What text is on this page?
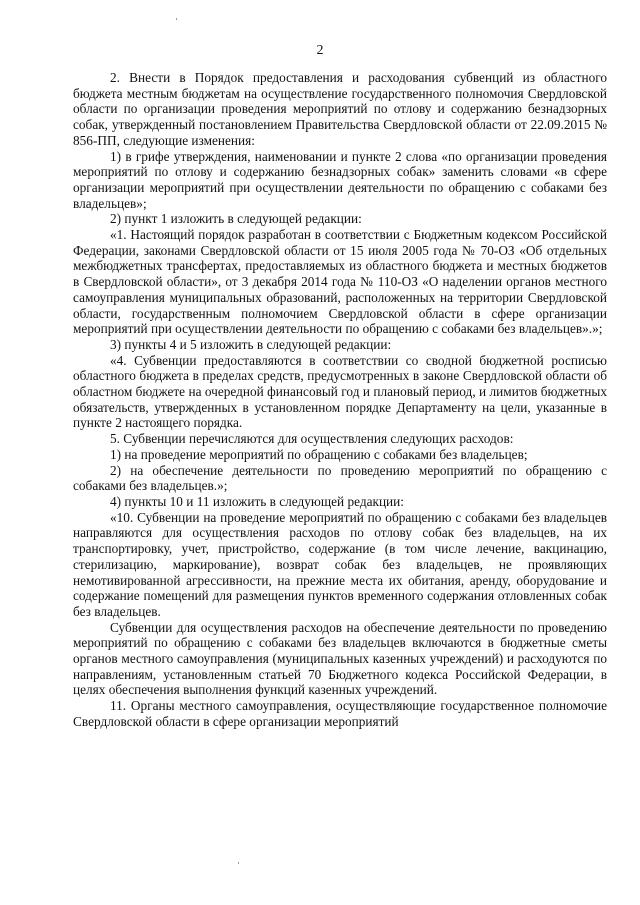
2

2. Внести в Порядок предоставления и расходования субвенций из областного бюджета местным бюджетам на осуществление государственного полномочия Свердловской области по организации проведения мероприятий по отлову и содержанию безнадзорных собак, утвержденный постановлением Правительства Свердловской области от 22.09.2015 № 856-ПП, следующие изменения:

1) в грифе утверждения, наименовании и пункте 2 слова «по организации проведения мероприятий по отлову и содержанию безнадзорных собак» заменить словами «в сфере организации мероприятий при осуществлении деятельности по обращению с собаками без владельцев»;

2) пункт 1 изложить в следующей редакции:

«1. Настоящий порядок разработан в соответствии с Бюджетным кодексом Российской Федерации, законами Свердловской области от 15 июля 2005 года № 70-ОЗ «Об отдельных межбюджетных трансфертах, предоставляемых из областного бюджета и местных бюджетов в Свердловской области», от 3 декабря 2014 года № 110-ОЗ «О наделении органов местного самоуправления муниципальных образований, расположенных на территории Свердловской области, государственным полномочием Свердловской области в сфере организации мероприятий при осуществлении деятельности по обращению с собаками без владельцев».»;

3) пункты 4 и 5 изложить в следующей редакции:

«4. Субвенции предоставляются в соответствии со сводной бюджетной росписью областного бюджета в пределах средств, предусмотренных в законе Свердловской области об областном бюджете на очередной финансовый год и плановый период, и лимитов бюджетных обязательств, утвержденных в установленном порядке Департаменту на цели, указанные в пункте 2 настоящего порядка.

5. Субвенции перечисляются для осуществления следующих расходов:

1) на проведение мероприятий по обращению с собаками без владельцев;

2) на обеспечение деятельности по проведению мероприятий по обращению с собаками без владельцев.»;

4) пункты 10 и 11 изложить в следующей редакции:

«10. Субвенции на проведение мероприятий по обращению с собаками без владельцев направляются для осуществления расходов по отлову собак без владельцев, на их транспортировку, учет, пристройство, содержание (в том числе лечение, вакцинацию, стерилизацию, маркирование), возврат собак без владельцев, не проявляющих немотивированной агрессивности, на прежние места их обитания, аренду, оборудование и содержание помещений для размещения пунктов временного содержания отловленных собак без владельцев.

Субвенции для осуществления расходов на обеспечение деятельности по проведению мероприятий по обращению с собаками без владельцев включаются в бюджетные сметы органов местного самоуправления (муниципальных казенных учреждений) и расходуются по направлениям, установленным статьей 70 Бюджетного кодекса Российской Федерации, в целях обеспечения выполнения функций казенных учреждений.

11. Органы местного самоуправления, осуществляющие государственное полномочие Свердловской области в сфере организации мероприятий
